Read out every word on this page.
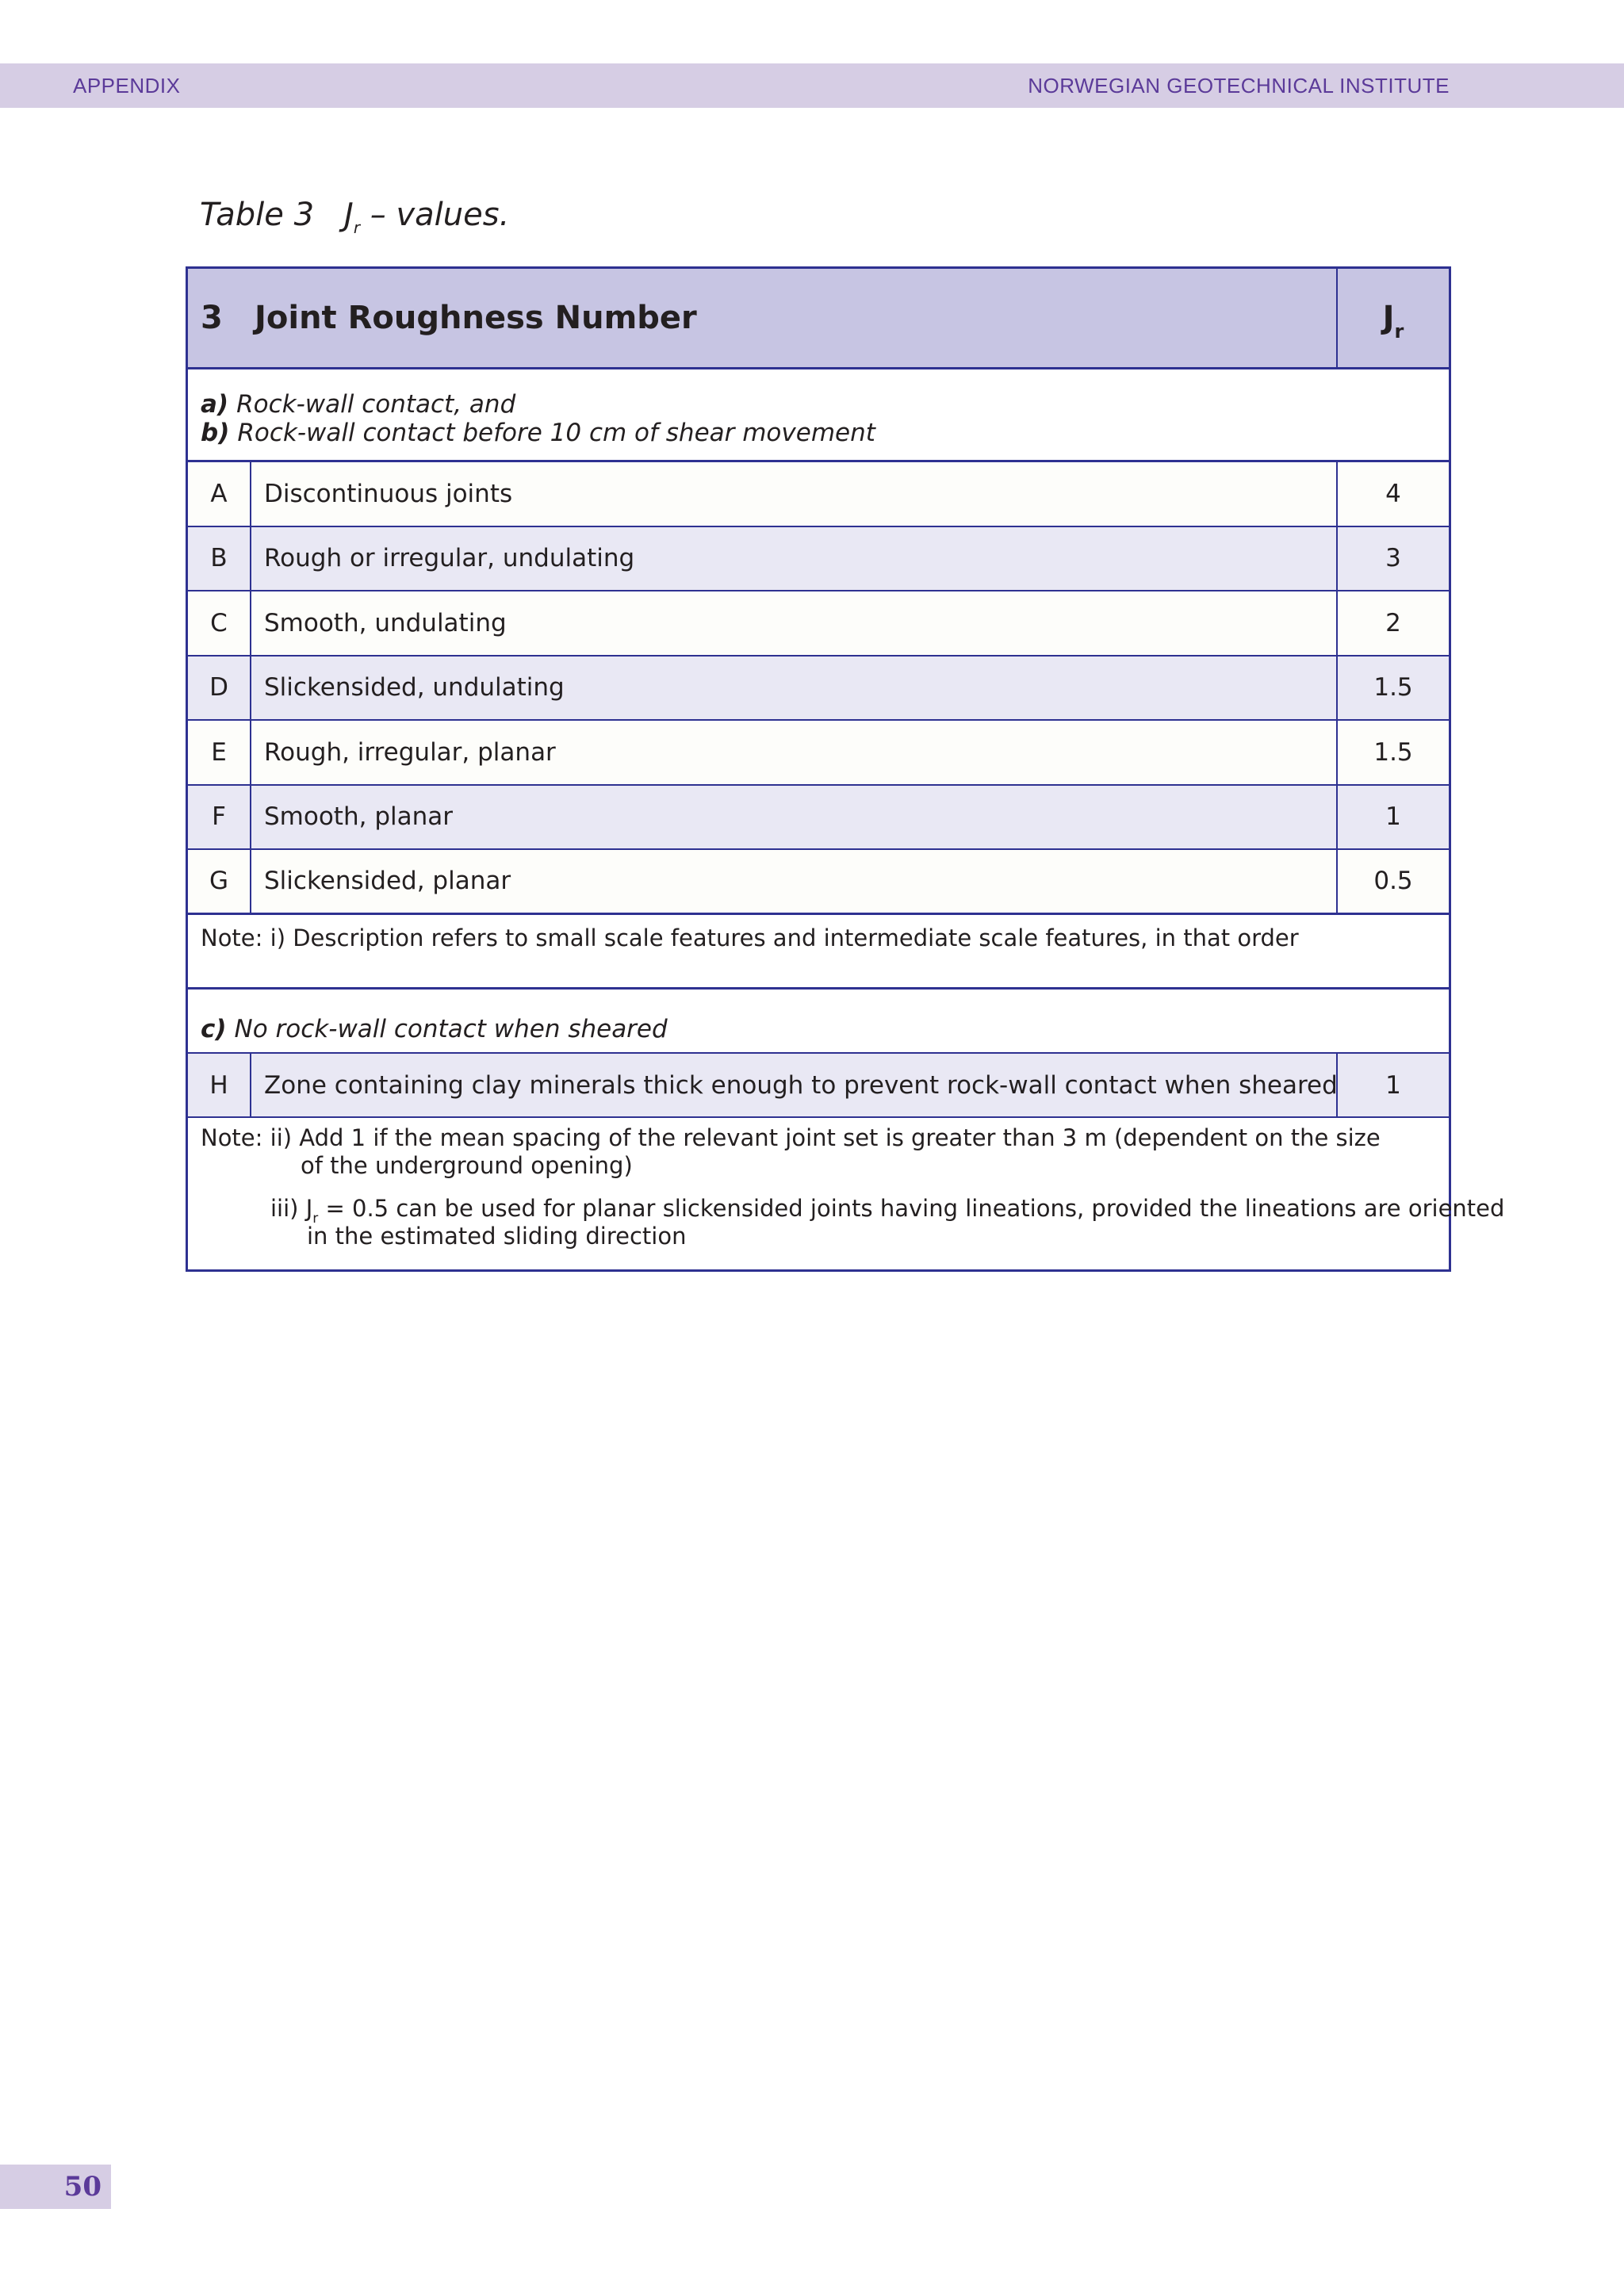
APPENDIX	NORWEGIAN GEOTECHNICAL INSTITUTE
Table 3 $J_r$ – values.
3 Joint Roughness Number	$J_r$
a) Rock-wall contact, and
b) Rock-wall contact before 10 cm of shear movement
A	Discontinuous joints	4
B	Rough or irregular, undulating	3
C	Smooth, undulating	2
D	Slickensided, undulating	1.5
E	Rough, irregular, planar	1.5
F	Smooth, planar	1
G	Slickensided, planar	0.5
Note: i) Description refers to small scale features and intermediate scale features, in that order
c) No rock-wall contact when sheared
H	Zone containing clay minerals thick enough to prevent rock-wall contact when sheared	1
Note: ii) Add 1 if the mean spacing of the relevant joint set is greater than 3 m (dependent on the size
of the underground opening)
iii) $J_r = 0.5$ can be used for planar slickensided joints having lineations, provided the lineations are oriented
in the estimated sliding direction
50
